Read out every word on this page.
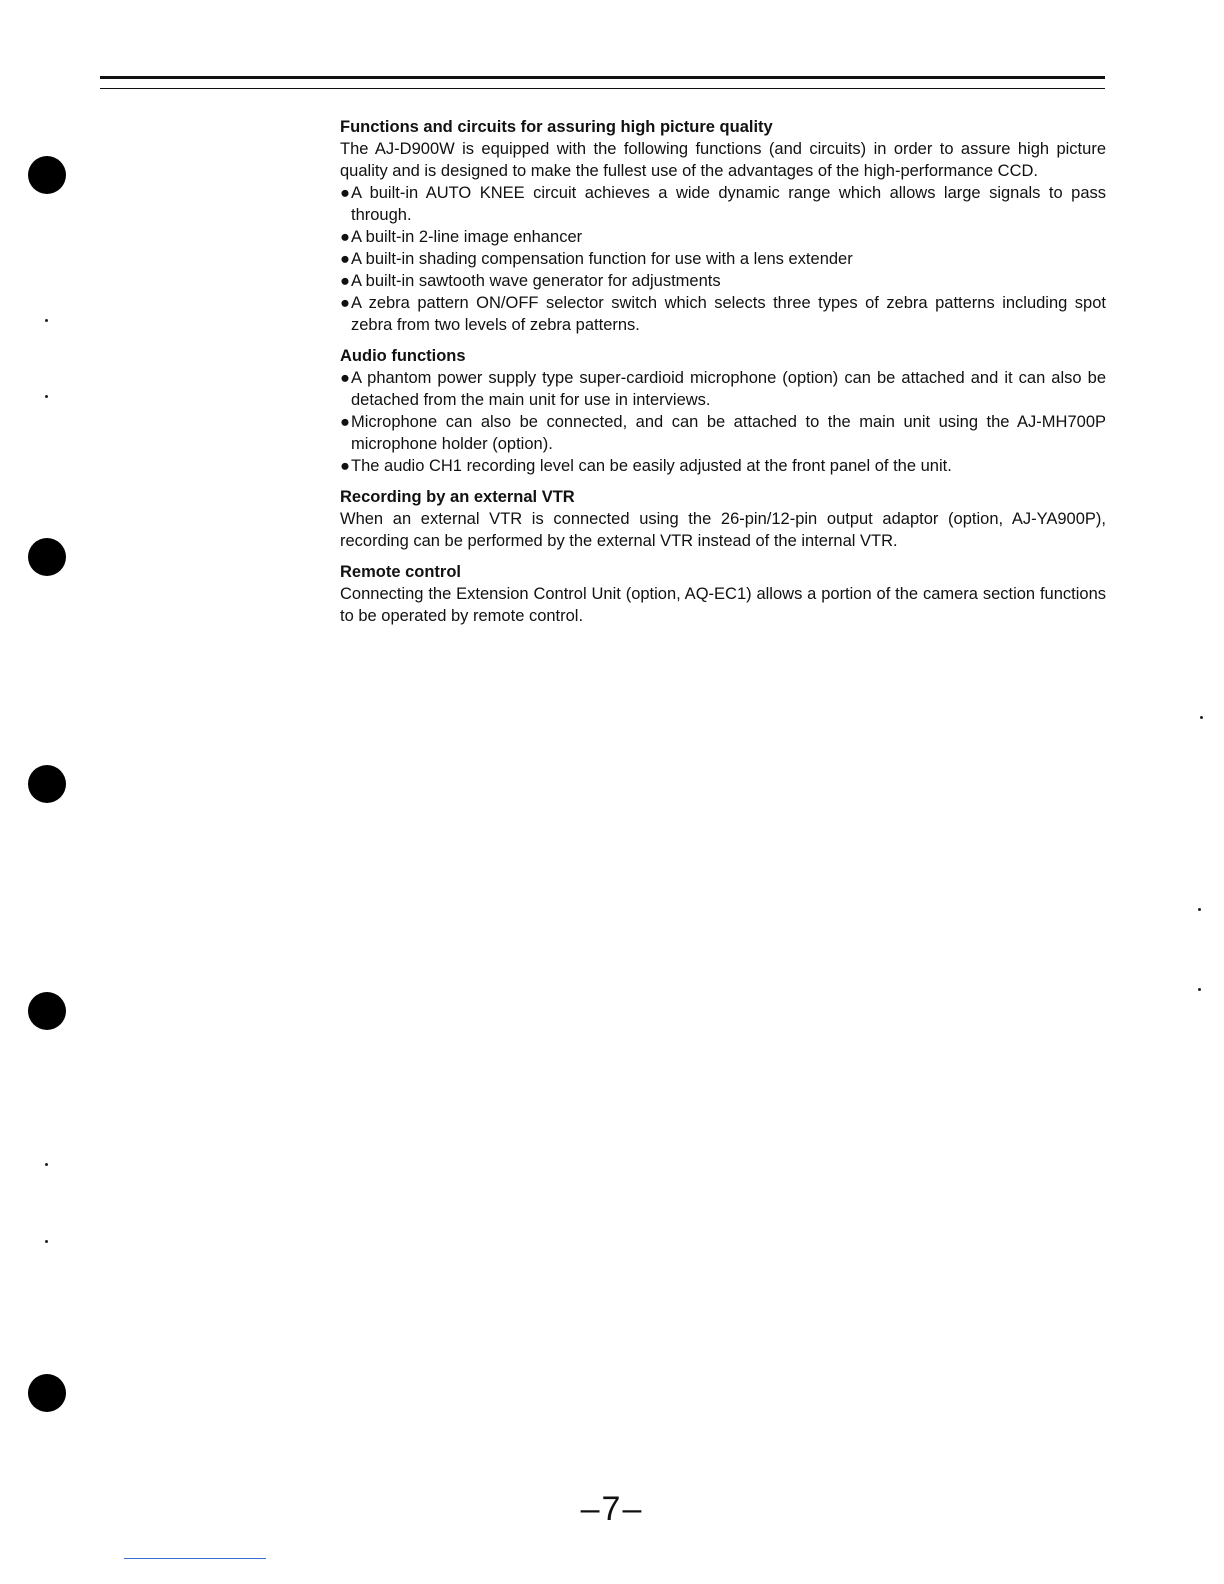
Functions and circuits for assuring high picture quality

The AJ-D900W is equipped with the following functions (and circuits) in order to assure high picture quality and is designed to make the fullest use of the advantages of the high-performance CCD.

● A built-in AUTO KNEE circuit achieves a wide dynamic range which allows large signals to pass through.
● A built-in 2-line image enhancer
● A built-in shading compensation function for use with a lens extender
● A built-in sawtooth wave generator for adjustments
● A zebra pattern ON/OFF selector switch which selects three types of zebra patterns including spot zebra from two levels of zebra patterns.

Audio functions

● A phantom power supply type super-cardioid microphone (option) can be attached and it can also be detached from the main unit for use in interviews.
● Microphone can also be connected, and can be attached to the main unit using the AJ-MH700P microphone holder (option).
● The audio CH1 recording level can be easily adjusted at the front panel of the unit.

Recording by an external VTR

When an external VTR is connected using the 26-pin/12-pin output adaptor (option, AJ-YA900P), recording can be performed by the external VTR instead of the internal VTR.

Remote control

Connecting the Extension Control Unit (option, AQ-EC1) allows a portion of the camera section functions to be operated by remote control.

–7–
